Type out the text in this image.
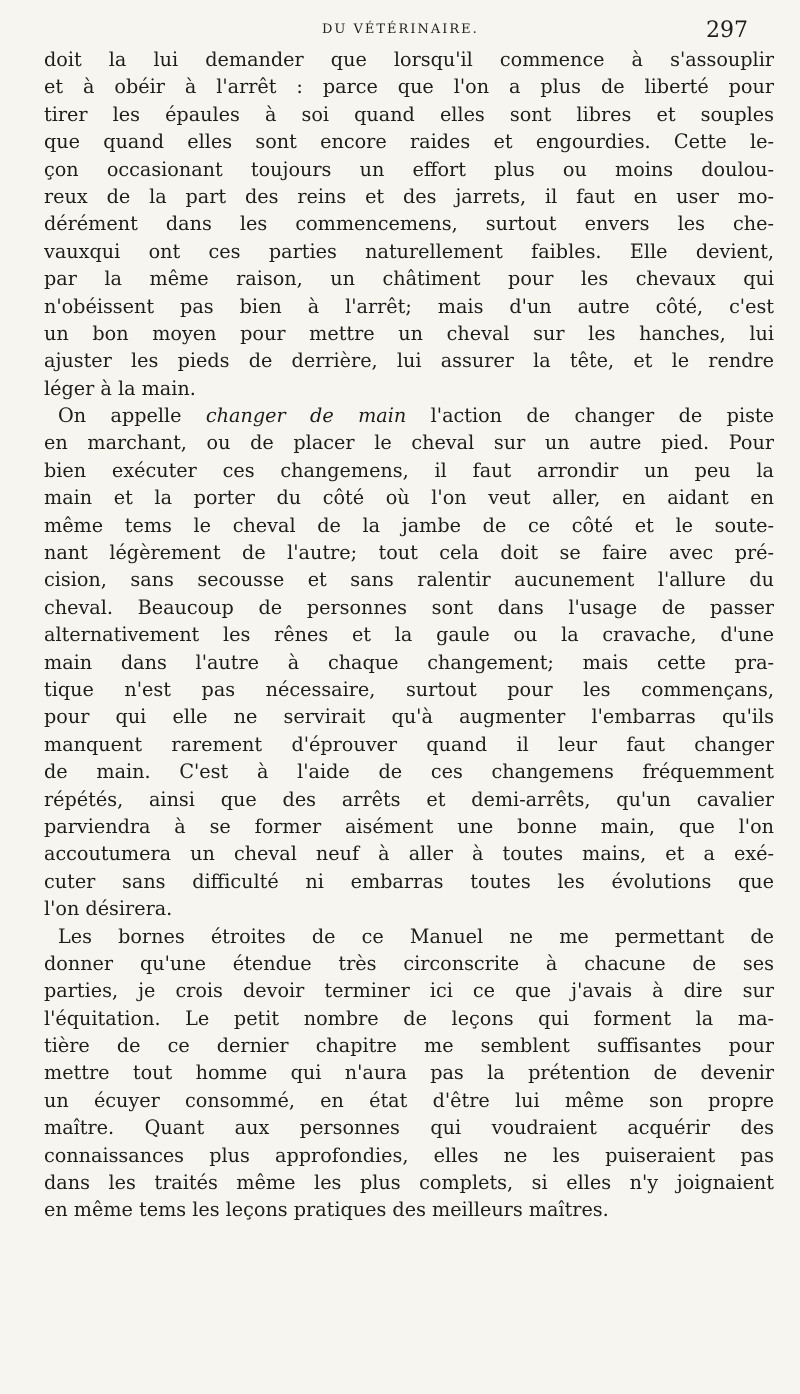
DU VÉTÉRINAIRE.	297
doit la lui demander que lorsqu'il commence à s'assouplir
et à obéir à l'arrêt : parce que l'on a plus de liberté pour
tirer les épaules à soi quand elles sont libres et souples
que quand elles sont encore raides et engourdies. Cette le-
çon occasionant toujours un effort plus ou moins doulou-
reux de la part des reins et des jarrets, il faut en user mo-
dérément dans les commencemens, surtout envers les che-
vauxqui ont ces parties naturellement faibles. Elle devient,
par la même raison, un châtiment pour les chevaux qui
n'obéissent pas bien à l'arrêt; mais d'un autre côté, c'est
un bon moyen pour mettre un cheval sur les hanches, lui
ajuster les pieds de derrière, lui assurer la tête, et le rendre
léger à la main.
On appelle changer de main l'action de changer de piste
en marchant, ou de placer le cheval sur un autre pied. Pour
bien exécuter ces changemens, il faut arrondir un peu la
main et la porter du côté où l'on veut aller, en aidant en
même tems le cheval de la jambe de ce côté et le soute-
nant légèrement de l'autre; tout cela doit se faire avec pré-
cision, sans secousse et sans ralentir aucunement l'allure du
cheval. Beaucoup de personnes sont dans l'usage de passer
alternativement les rênes et la gaule ou la cravache, d'une
main dans l'autre à chaque changement; mais cette pra-
tique n'est pas nécessaire, surtout pour les commençans,
pour qui elle ne servirait qu'à augmenter l'embarras qu'ils
manquent rarement d'éprouver quand il leur faut changer
de main. C'est à l'aide de ces changemens fréquemment
répétés, ainsi que des arrêts et demi-arrêts, qu'un cavalier
parviendra à se former aisément une bonne main, que l'on
accoutumera un cheval neuf à aller à toutes mains, et a exé-
cuter sans difficulté ni embarras toutes les évolutions que
l'on désirera.
Les bornes étroites de ce Manuel ne me permettant de
donner qu'une étendue très circonscrite à chacune de ses
parties, je crois devoir terminer ici ce que j'avais à dire sur
l'équitation. Le petit nombre de leçons qui forment la ma-
tière de ce dernier chapitre me semblent suffisantes pour
mettre tout homme qui n'aura pas la prétention de devenir
un écuyer consommé, en état d'être lui même son propre
maître. Quant aux personnes qui voudraient acquérir des
connaissances plus approfondies, elles ne les puiseraient pas
dans les traités même les plus complets, si elles n'y joignaient
en même tems les leçons pratiques des meilleurs maîtres.
